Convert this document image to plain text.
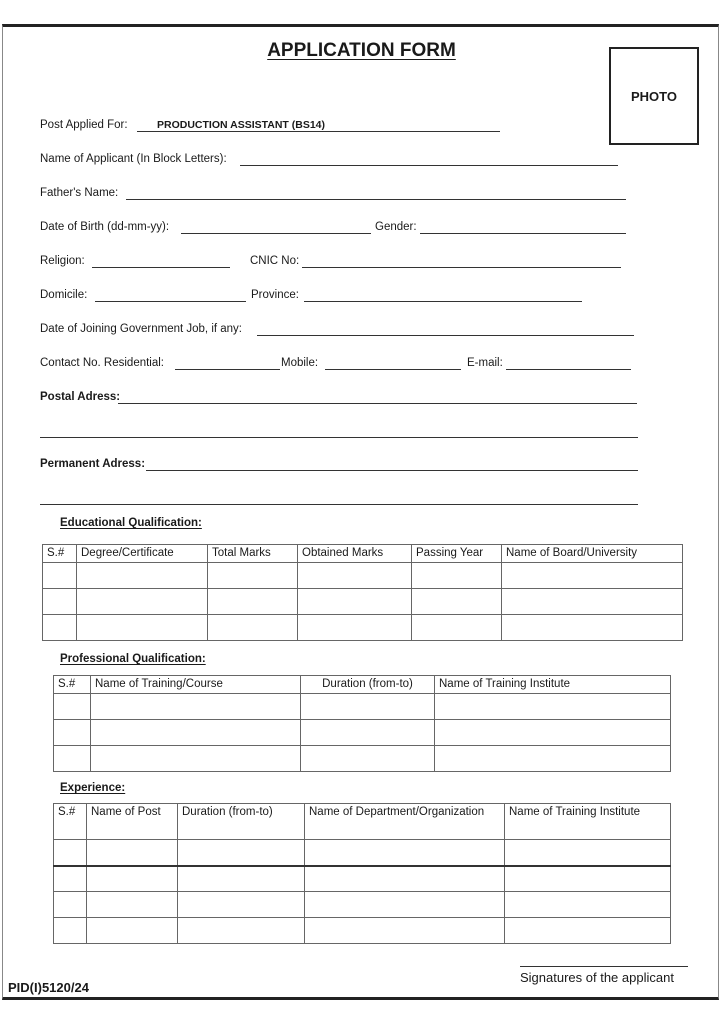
APPLICATION FORM
PHOTO
Post Applied For:	PRODUCTION ASSISTANT (BS14)
Name of Applicant (In Block Letters):
Father's Name:
Date of Birth (dd-mm-yy):	Gender:
Religion:	CNIC No:
Domicile:	Province:
Date of Joining Government Job, if any:
Contact No. Residential:	Mobile:	E-mail:
Postal Adress:
Permanent Adress:
Educational Qualification:
S.#	Degree/Certificate	Total Marks	Obtained Marks	Passing Year	Name of Board/University

Professional Qualification:
S.#	Name of Training/Course	Duration (from-to)	Name of Training Institute

Experience:
S.#	Name of Post	Duration (from-to)	Name of Department/Organization	Name of Training Institute

Signatures of the applicant
PID(I)5120/24
